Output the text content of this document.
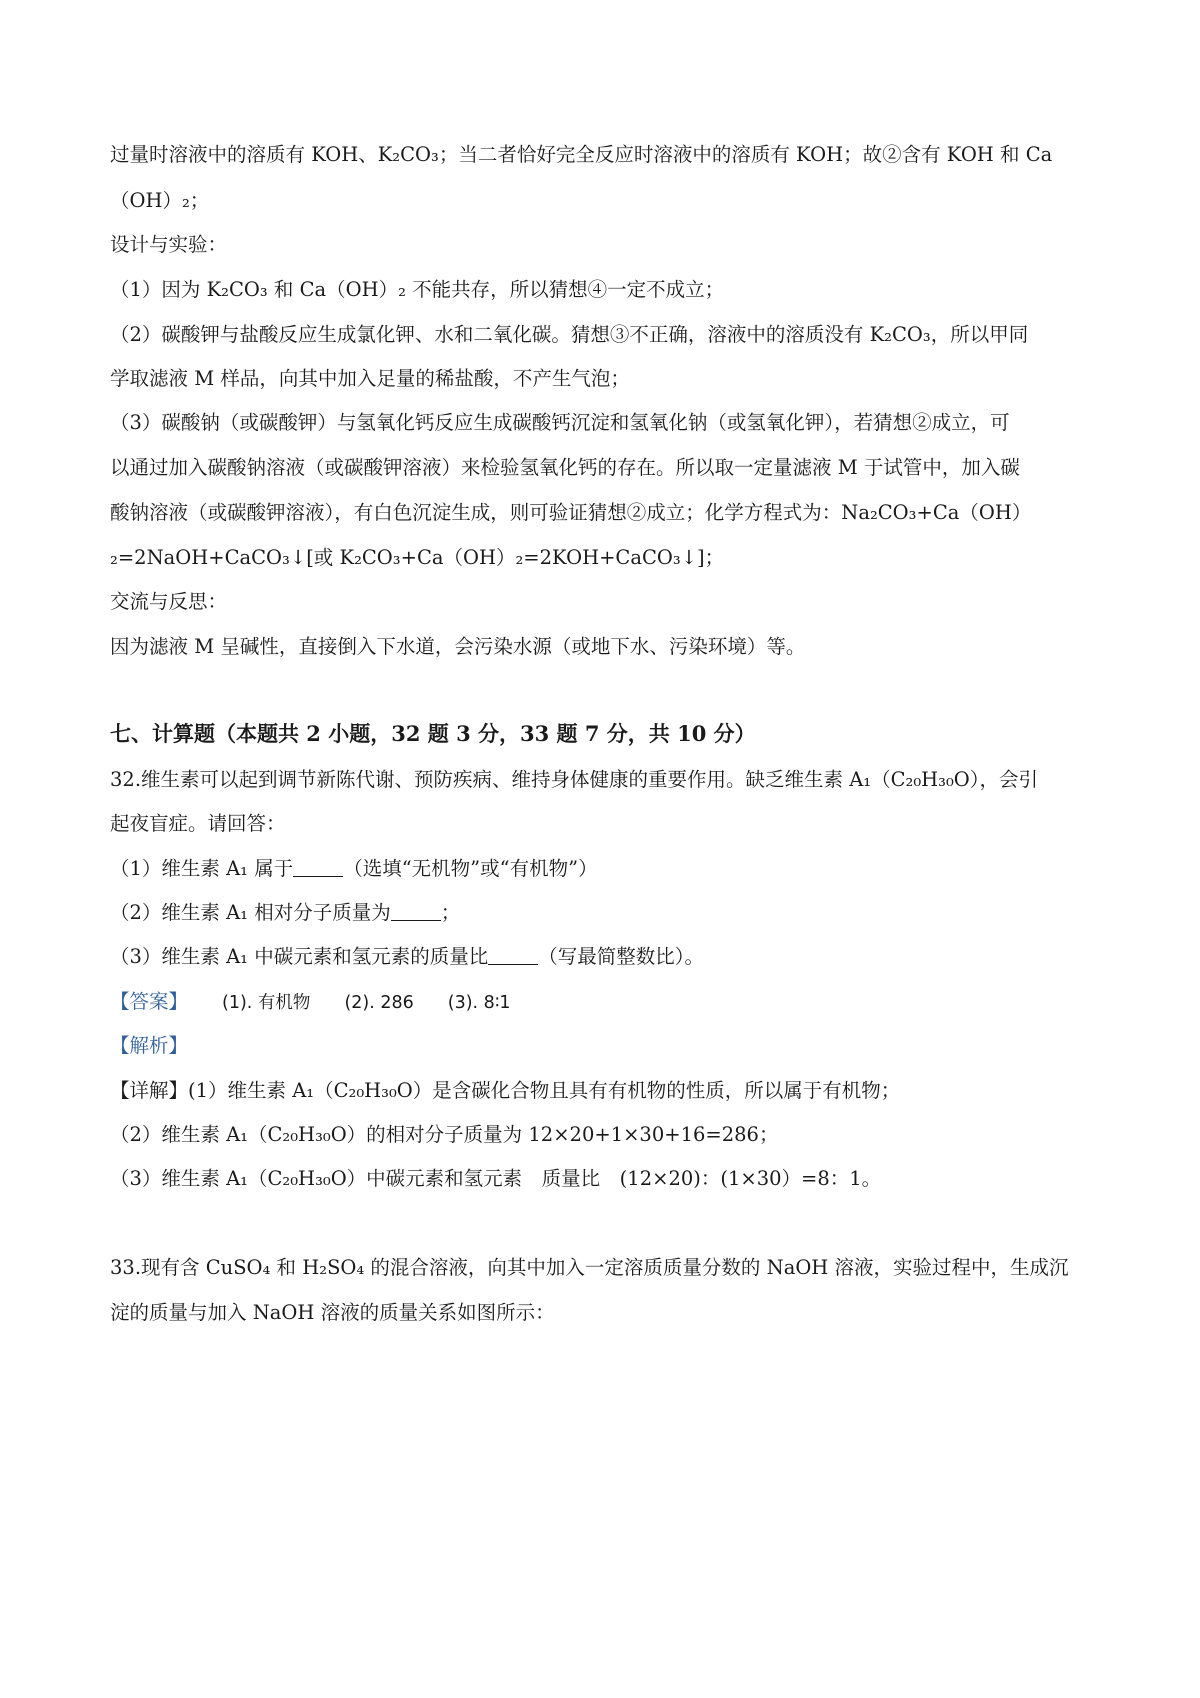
过量时溶液中的溶质有 KOH、K₂CO₃；当二者恰好完全反应时溶液中的溶质有 KOH；故②含有 KOH 和 Ca
（OH）₂；
设计与实验：
（1）因为 K₂CO₃ 和 Ca（OH）₂ 不能共存，所以猜想④一定不成立；
（2）碳酸钾与盐酸反应生成氯化钾、水和二氧化碳。猜想③不正确，溶液中的溶质没有 K₂CO₃，所以甲同
学取滤液 M 样品，向其中加入足量的稀盐酸，不产生气泡；
（3）碳酸钠（或碳酸钾）与氢氧化钙反应生成碳酸钙沉淀和氢氧化钠（或氢氧化钾），若猜想②成立，可
以通过加入碳酸钠溶液（或碳酸钾溶液）来检验氢氧化钙的存在。所以取一定量滤液 M 于试管中，加入碳
酸钠溶液（或碳酸钾溶液），有白色沉淀生成，则可验证猜想②成立；化学方程式为：Na₂CO₃+Ca（OH）
₂=2NaOH+CaCO₃↓[或 K₂CO₃+Ca（OH）₂=2KOH+CaCO₃↓]；
交流与反思：
因为滤液 M 呈碱性，直接倒入下水道，会污染水源（或地下水、污染环境）等。
七、计算题（本题共 2 小题，32 题 3 分，33 题 7 分，共 10 分）
32.维生素可以起到调节新陈代谢、预防疾病、维持身体健康的重要作用。缺乏维生素 A₁（C₂₀H₃₀O），会引
起夜盲症。请回答：
（1）维生素 A₁ 属于	（选填“无机物”或“有机物”）
（2）维生素 A₁ 相对分子质量为	；
（3）维生素 A₁ 中碳元素和氢元素的质量比	（写最简整数比）。
【答案】 (1). 有机物 (2). 286 (3). 8∶1
【解析】
【详解】(1）维生素 A₁（C₂₀H₃₀O）是含碳化合物且具有有机物的性质，所以属于有机物；
（2）维生素 A₁（C₂₀H₃₀O）的相对分子质量为 12×20+1×30+16=286；
（3）维生素 A₁（C₂₀H₃₀O）中碳元素和氢元素　质量比　(12×20)：(1×30）=8：1。
33.现有含 CuSO₄ 和 H₂SO₄ 的混合溶液，向其中加入一定溶质质量分数的 NaOH 溶液，实验过程中，生成沉
淀的质量与加入 NaOH 溶液的质量关系如图所示：
